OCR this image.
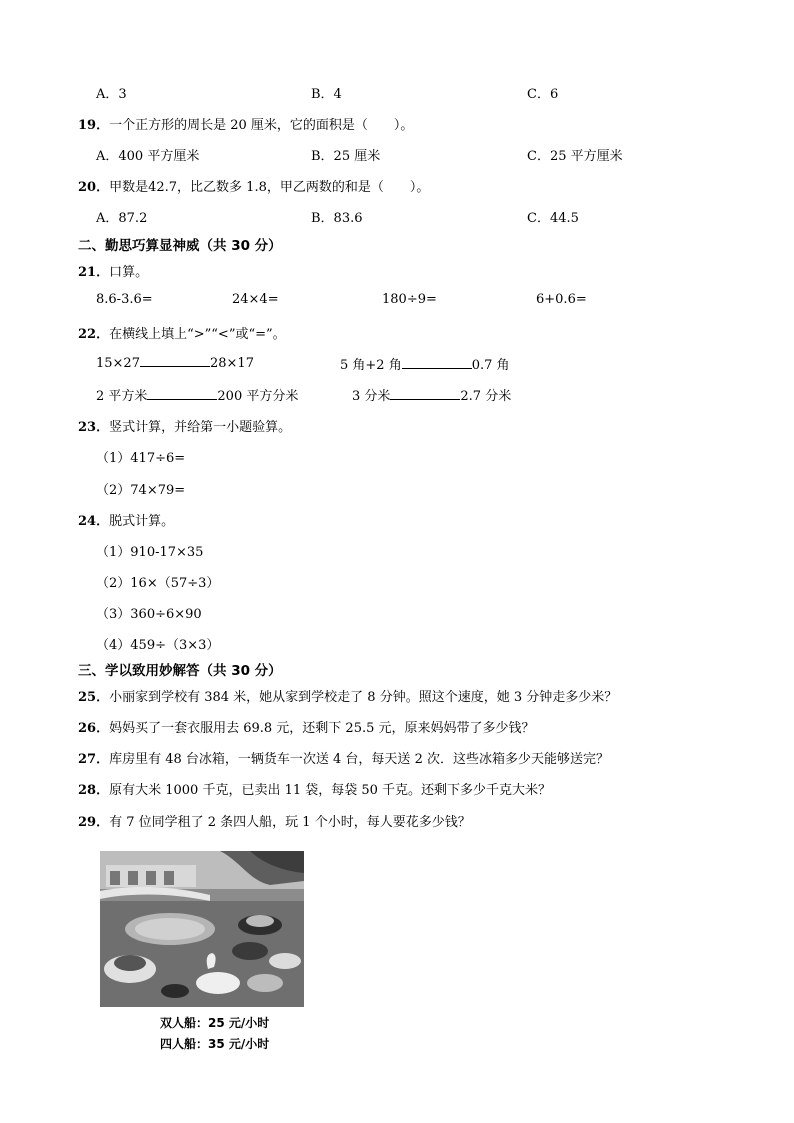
A．3	B．4	C．6
19．一个正方形的周长是 20 厘米，它的面积是（　　）。
A．400 平方厘米	B．25 厘米	C．25 平方厘米
20．甲数是42.7，比乙数多 1.8，甲乙两数的和是（　　）。
A．87.2	B．83.6	C．44.5
二、勤思巧算显神威（共 30 分）
21．口算。
8.6-3.6=	24×4=	180÷9=	6+0.6=
22．在横线上填上“>”“<”或“=”。
15×27	28×17	5 角+2 角	0.7 角
2 平方米	200 平方分米	3 分米	2.7 分米
23．竖式计算，并给第一小题验算。
（1）417÷6=
（2）74×79=
24．脱式计算。
（1）910-17×35
（2）16×（57÷3）
（3）360÷6×90
（4）459÷（3×3）
三、学以致用妙解答（共 30 分）
25．小丽家到学校有 384 米，她从家到学校走了 8 分钟。照这个速度，她 3 分钟走多少米？
26．妈妈买了一套衣服用去 69.8 元，还剩下 25.5 元，原来妈妈带了多少钱？
27．库房里有 48 台冰箱，一辆货车一次送 4 台，每天送 2 次．这些冰箱多少天能够送完？
28．原有大米 1000 千克，已卖出 11 袋，每袋 50 千克。还剩下多少千克大米？
29．有 7 位同学租了 2 条四人船，玩 1 个小时，每人要花多少钱？
双人船：25 元/小时
四人船：35 元/小时
